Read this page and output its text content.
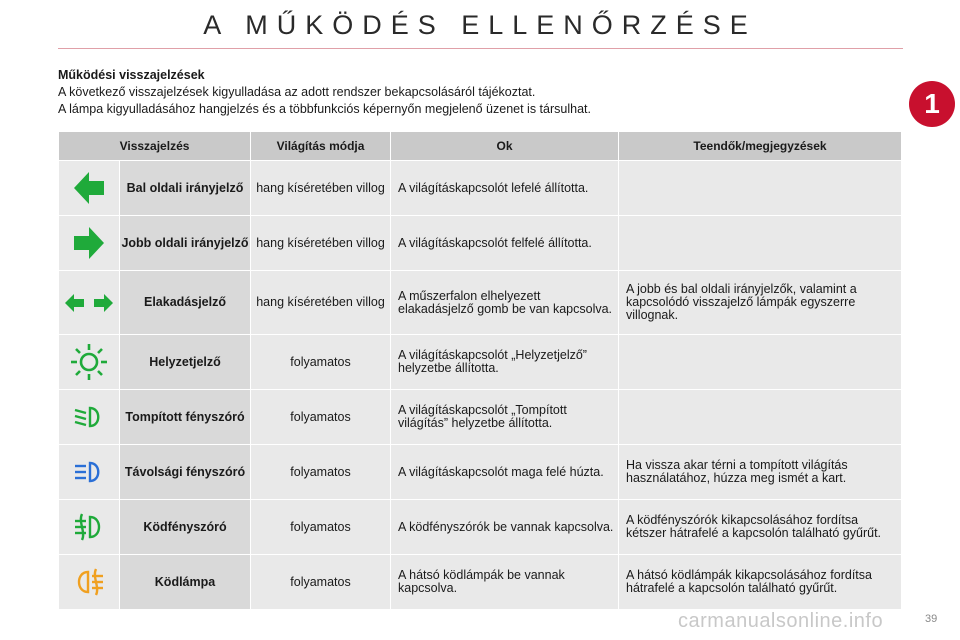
A MŰKÖDÉS ELLENŐRZÉSE
1
Működési visszajelzések
A következő visszajelzések kigyulladása az adott rendszer bekapcsolásáról tájékoztat.
A lámpa kigyulladásához hangjelzés és a többfunkciós képernyőn megjelenő üzenet is társulhat.
Visszajelzés		Világítás módja	Ok	Teendők/megjegyzések

	Bal oldali irányjelző	hang kíséretében villog	A világításkapcsolót lefelé állította.	

	Jobb oldali irányjelző	hang kíséretében villog	A világításkapcsolót felfelé állította.	

	Elakadásjelző	hang kíséretében villog	A műszerfalon elhelyezett elakadásjelző gomb be van kapcsolva.	A jobb és bal oldali irányjelzők, valamint a kapcsolódó visszajelző lámpák egyszerre villognak.

	Helyzetjelző	folyamatos	A világításkapcsolót „Helyzetjelző” helyzetbe állította.	

	Tompított fényszóró	folyamatos	A világításkapcsolót „Tompított világítás” helyzetbe állította.	

	Távolsági fényszóró	folyamatos	A világításkapcsolót maga felé húzta.	Ha vissza akar térni a tompított világítás használatához, húzza meg ismét a kart.

	Ködfényszóró	folyamatos	A ködfényszórók be vannak kapcsolva.	A ködfényszórók kikapcsolásához fordítsa kétszer hátrafelé a kapcsolón található gyűrűt.

	Ködlámpa	folyamatos	A hátsó ködlámpák be vannak kapcsolva.	A hátsó ködlámpák kikapcsolásához fordítsa hátrafelé a kapcsolón található gyűrűt.
carmanualsonline.info	39
